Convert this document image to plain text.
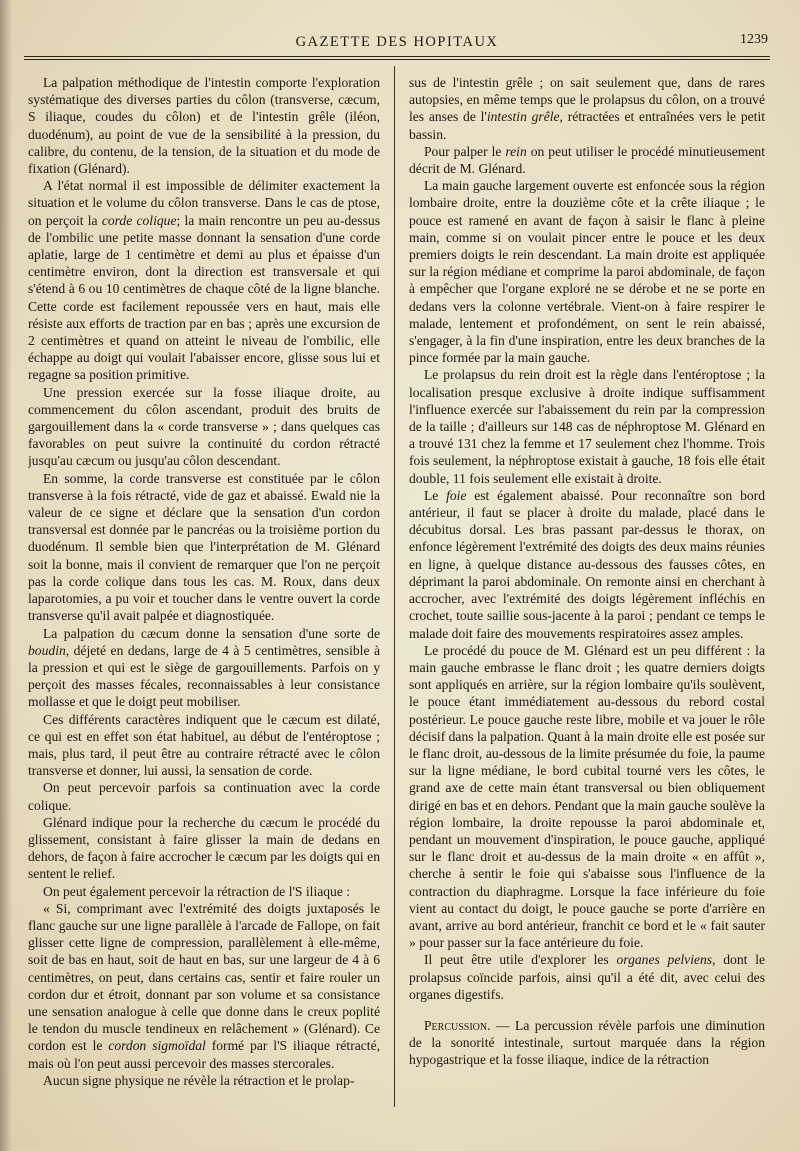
GAZETTE DES HOPITAUX	1239

La palpation méthodique de l'intestin comporte l'exploration systématique des diverses parties du côlon (transverse, cæcum, S iliaque, coudes du côlon) et de l'intestin grêle (iléon, duodénum), au point de vue de la sensibilité à la pression, du calibre, du contenu, de la tension, de la situation et du mode de fixation (Glénard).

A l'état normal il est impossible de délimiter exactement la situation et le volume du côlon transverse. Dans le cas de ptose, on perçoit la corde colique; la main rencontre un peu au-dessus de l'ombilic une petite masse donnant la sensation d'une corde aplatie, large de 1 centimètre et demi au plus et épaisse d'un centimètre environ, dont la direction est transversale et qui s'étend à 6 ou 10 centimètres de chaque côté de la ligne blanche. Cette corde est facilement repoussée vers en haut, mais elle résiste aux efforts de traction par en bas ; après une excursion de 2 centimètres et quand on atteint le niveau de l'ombilic, elle échappe au doigt qui voulait l'abaisser encore, glisse sous lui et regagne sa position primitive.

Une pression exercée sur la fosse iliaque droite, au commencement du côlon ascendant, produit des bruits de gargouillement dans la « corde transverse » ; dans quelques cas favorables on peut suivre la continuité du cordon rétracté jusqu'au cæcum ou jusqu'au côlon descendant.

En somme, la corde transverse est constituée par le côlon transverse à la fois rétracté, vide de gaz et abaissé. Ewald nie la valeur de ce signe et déclare que la sensation d'un cordon transversal est donnée par le pancréas ou la troisième portion du duodénum. Il semble bien que l'interprétation de M. Glénard soit la bonne, mais il convient de remarquer que l'on ne perçoit pas la corde colique dans tous les cas. M. Roux, dans deux laparotomies, a pu voir et toucher dans le ventre ouvert la corde transverse qu'il avait palpée et diagnostiquée.

La palpation du cæcum donne la sensation d'une sorte de boudin, déjeté en dedans, large de 4 à 5 centimètres, sensible à la pression et qui est le siège de gargouillements. Parfois on y perçoit des masses fécales, reconnaissables à leur consistance mollasse et que le doigt peut mobiliser.

Ces différents caractères indiquent que le cæcum est dilaté, ce qui est en effet son état habituel, au début de l'entéroptose ; mais, plus tard, il peut être au contraire rétracté avec le côlon transverse et donner, lui aussi, la sensation de corde.

On peut percevoir parfois sa continuation avec la corde colique.

Glénard indique pour la recherche du cæcum le procédé du glissement, consistant à faire glisser la main de dedans en dehors, de façon à faire accrocher le cæcum par les doigts qui en sentent le relief.

On peut également percevoir la rétraction de l'S iliaque :

« Si, comprimant avec l'extrémité des doigts juxtaposés le flanc gauche sur une ligne parallèle à l'arcade de Fallope, on fait glisser cette ligne de compression, parallèlement à elle-même, soit de bas en haut, soit de haut en bas, sur une largeur de 4 à 6 centimètres, on peut, dans certains cas, sentir et faire rouler un cordon dur et étroit, donnant par son volume et sa consistance une sensation analogue à celle que donne dans le creux poplité le tendon du muscle tendineux en relâchement » (Glénard). Ce cordon est le cordon sigmoïdal formé par l'S iliaque rétracté, mais où l'on peut aussi percevoir des masses stercorales.

Aucun signe physique ne révèle la rétraction et le prolap-

sus de l'intestin grêle ; on sait seulement que, dans de rares autopsies, en même temps que le prolapsus du côlon, on a trouvé les anses de l'intestin grêle, rétractées et entraînées vers le petit bassin.

Pour palper le rein on peut utiliser le procédé minutieusement décrit de M. Glénard.

La main gauche largement ouverte est enfoncée sous la région lombaire droite, entre la douzième côte et la crête iliaque ; le pouce est ramené en avant de façon à saisir le flanc à pleine main, comme si on voulait pincer entre le pouce et les deux premiers doigts le rein descendant. La main droite est appliquée sur la région médiane et comprime la paroi abdominale, de façon à empêcher que l'organe exploré ne se dérobe et ne se porte en dedans vers la colonne vertébrale. Vient-on à faire respirer le malade, lentement et profondément, on sent le rein abaissé, s'engager, à la fin d'une inspiration, entre les deux branches de la pince formée par la main gauche.

Le prolapsus du rein droit est la règle dans l'entéroptose ; la localisation presque exclusive à droite indique suffisamment l'influence exercée sur l'abaissement du rein par la compression de la taille ; d'ailleurs sur 148 cas de néphroptose M. Glénard en a trouvé 131 chez la femme et 17 seulement chez l'homme. Trois fois seulement, la néphroptose existait à gauche, 18 fois elle était double, 11 fois seulement elle existait à droite.

Le foie est également abaissé. Pour reconnaître son bord antérieur, il faut se placer à droite du malade, placé dans le décubitus dorsal. Les bras passant par-dessus le thorax, on enfonce légèrement l'extrémité des doigts des deux mains réunies en ligne, à quelque distance au-dessous des fausses côtes, en déprimant la paroi abdominale. On remonte ainsi en cherchant à accrocher, avec l'extrémité des doigts légèrement infléchis en crochet, toute saillie sous-jacente à la paroi ; pendant ce temps le malade doit faire des mouvements respiratoires assez amples.

Le procédé du pouce de M. Glénard est un peu différent : la main gauche embrasse le flanc droit ; les quatre derniers doigts sont appliqués en arrière, sur la région lombaire qu'ils soulèvent, le pouce étant immédiatement au-dessous du rebord costal postérieur. Le pouce gauche reste libre, mobile et va jouer le rôle décisif dans la palpation. Quant à la main droite elle est posée sur le flanc droit, au-dessous de la limite présumée du foie, la paume sur la ligne médiane, le bord cubital tourné vers les côtes, le grand axe de cette main étant transversal ou bien obliquement dirigé en bas et en dehors. Pendant que la main gauche soulève la région lombaire, la droite repousse la paroi abdominale et, pendant un mouvement d'inspiration, le pouce gauche, appliqué sur le flanc droit et au-dessus de la main droite « en affût », cherche à sentir le foie qui s'abaisse sous l'influence de la contraction du diaphragme. Lorsque la face inférieure du foie vient au contact du doigt, le pouce gauche se porte d'arrière en avant, arrive au bord antérieur, franchit ce bord et le « fait sauter » pour passer sur la face antérieure du foie.

Il peut être utile d'explorer les organes pelviens, dont le prolapsus coïncide parfois, ainsi qu'il a été dit, avec celui des organes digestifs.

Percussion. — La percussion révèle parfois une diminution de la sonorité intestinale, surtout marquée dans la région hypogastrique et la fosse iliaque, indice de la rétraction
